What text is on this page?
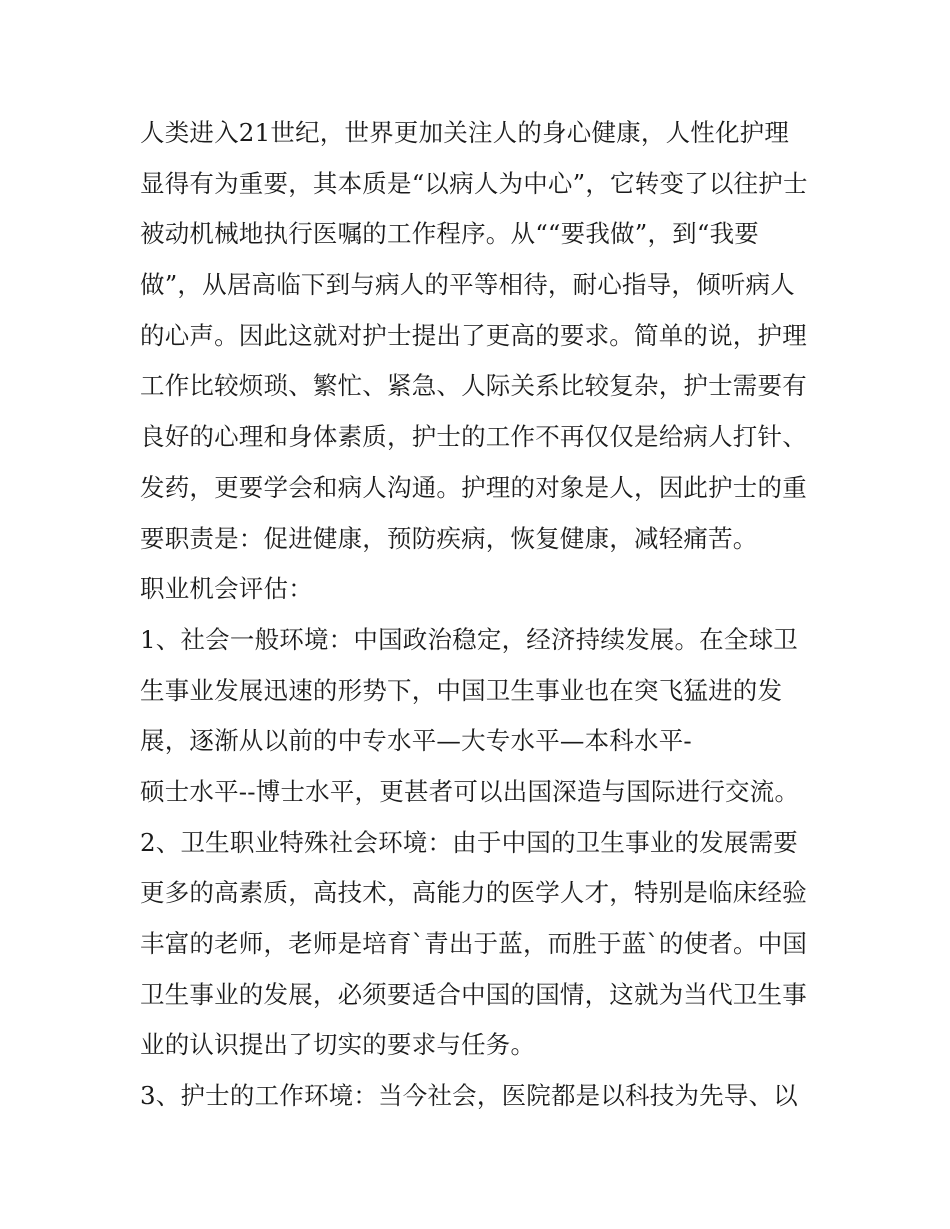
人类进入21世纪，世界更加关注人的身心健康，人性化护理
显得有为重要，其本质是“以病人为中心”，它转变了以往护士
被动机械地执行医嘱的工作程序。从““要我做”，到“我要
做”，从居高临下到与病人的平等相待，耐心指导，倾听病人
的心声。因此这就对护士提出了更高的要求。简单的说，护理
工作比较烦琐、繁忙、紧急、人际关系比较复杂，护士需要有
良好的心理和身体素质，护士的工作不再仅仅是给病人打针、
发药，更要学会和病人沟通。护理的对象是人，因此护士的重
要职责是：促进健康，预防疾病，恢复健康，减轻痛苦。
职业机会评估：
1、社会一般环境：中国政治稳定，经济持续发展。在全球卫
生事业发展迅速的形势下，中国卫生事业也在突飞猛进的发
展，逐渐从以前的中专水平—大专水平—本科水平-
硕士水平--博士水平，更甚者可以出国深造与国际进行交流。
2、卫生职业特殊社会环境：由于中国的卫生事业的发展需要
更多的高素质，高技术，高能力的医学人才，特别是临床经验
丰富的老师，老师是培育`青出于蓝，而胜于蓝`的使者。中国
卫生事业的发展，必须要适合中国的国情，这就为当代卫生事
业的认识提出了切实的要求与任务。
3、护士的工作环境：当今社会，医院都是以科技为先导、以
